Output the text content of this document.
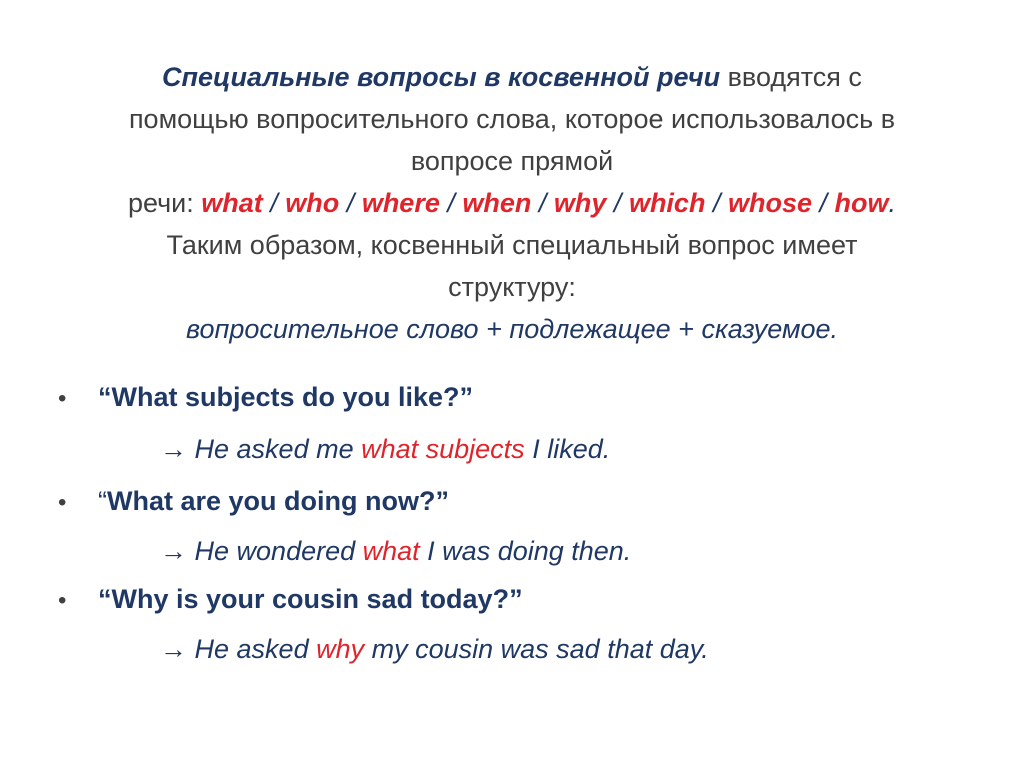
Специальные вопросы в косвенной речи вводятся с
помощью вопросительного слова, которое использовалось в
вопросе прямой
речи: what / who / where / when / why / which / whose / how.
Таким образом, косвенный специальный вопрос имеет
структуру:
вопросительное слово + подлежащее + сказуемое.
• “What subjects do you like?”
→ He asked me what subjects I liked.
• “What are you doing now?”
→ He wondered what I was doing then.
• “Why is your cousin sad today?”
→ He asked why my cousin was sad that day.
